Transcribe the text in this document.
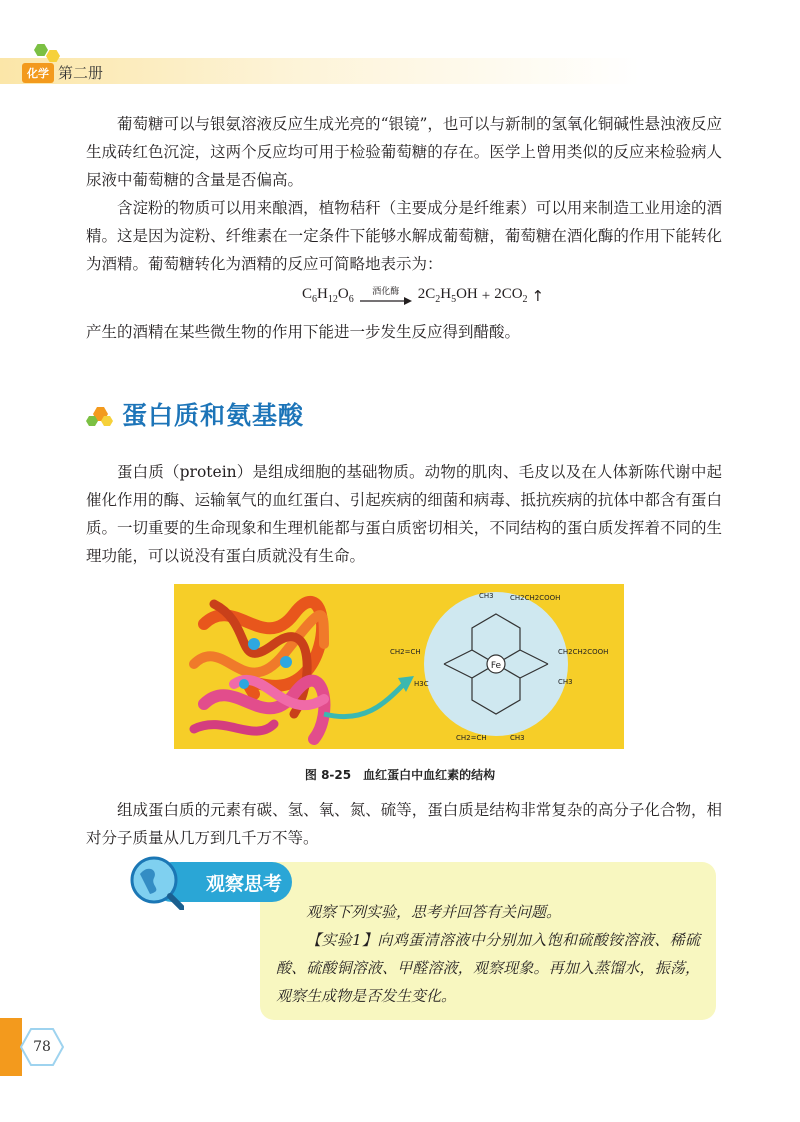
化学 第二册

葡萄糖可以与银氨溶液反应生成光亮的“银镜”，也可以与新制的氢氧化铜碱性悬浊液反应生成砖红色沉淀，这两个反应均可用于检验葡萄糖的存在。医学上曾用类似的反应来检验病人尿液中葡萄糖的含量是否偏高。

含淀粉的物质可以用来酿酒，植物秸秆（主要成分是纤维素）可以用来制造工业用途的酒精。这是因为淀粉、纤维素在一定条件下能够水解成葡萄糖，葡萄糖在酒化酶的作用下能转化为酒精。葡萄糖转化为酒精的反应可简略地表示为：

$C_6H_{12}O_6$
酒化酶 $2C_2H_5OH + 2CO_2$ ↑

产生的酒精在某些微生物的作用下能进一步发生反应得到醋酸。

蛋白质和氨基酸

蛋白质（protein）是组成细胞的基础物质。动物的肌肉、毛皮以及在人体新陈代谢中起催化作用的酶、运输氧气的血红蛋白、引起疾病的细菌和病毒、抵抗疾病的抗体中都含有蛋白质。一切重要的生命现象和生理机能都与蛋白质密切相关，不同结构的蛋白质发挥着不同的生理功能，可以说没有蛋白质就没有生命。

Fe
CH3 CH2CH2COOH
CH2=CH	CH2CH2COOH
H3C	CH3
CH2=CH	CH3
图 8-25　血红蛋白中血红素的结构

组成蛋白质的元素有碳、氢、氧、氮、硫等，蛋白质是结构非常复杂的高分子化合物，相对分子质量从几万到几千万不等。

观察思考

观察下列实验，思考并回答有关问题。

【实验1】向鸡蛋清溶液中分别加入饱和硫酸铵溶液、稀硫酸、硫酸铜溶液、甲醛溶液，观察现象。再加入蒸馏水，振荡，观察生成物是否发生变化。

78
